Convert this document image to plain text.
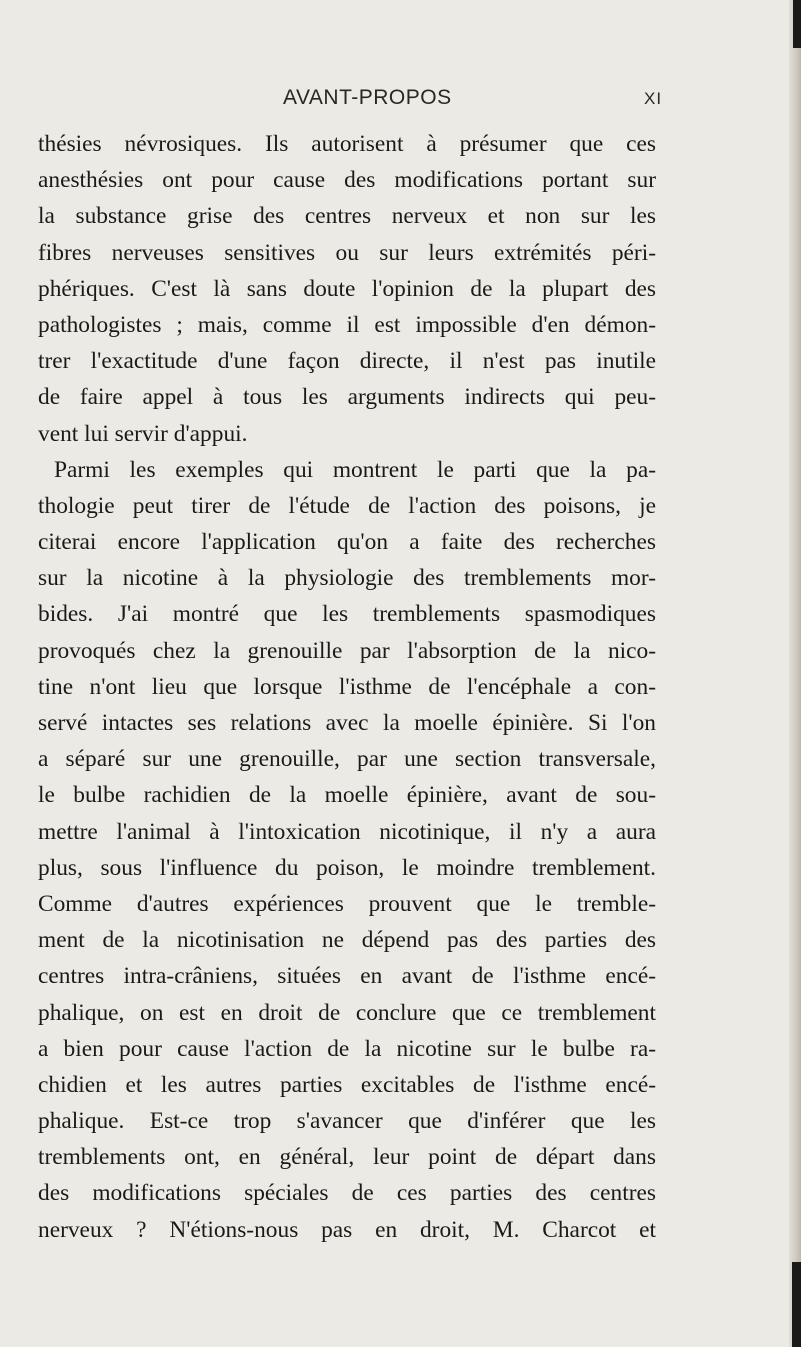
AVANT-PROPOS	XI
thésies névrosiques. Ils autorisent à présumer que ces
anesthésies ont pour cause des modifications portant sur
la substance grise des centres nerveux et non sur les
fibres nerveuses sensitives ou sur leurs extrémités péri-
phériques. C'est là sans doute l'opinion de la plupart des
pathologistes ; mais, comme il est impossible d'en démon-
trer l'exactitude d'une façon directe, il n'est pas inutile
de faire appel à tous les arguments indirects qui peu-
vent lui servir d'appui.
Parmi les exemples qui montrent le parti que la pa-
thologie peut tirer de l'étude de l'action des poisons, je
citerai encore l'application qu'on a faite des recherches
sur la nicotine à la physiologie des tremblements mor-
bides. J'ai montré que les tremblements spasmodiques
provoqués chez la grenouille par l'absorption de la nico-
tine n'ont lieu que lorsque l'isthme de l'encéphale a con-
servé intactes ses relations avec la moelle épinière. Si l'on
a séparé sur une grenouille, par une section transversale,
le bulbe rachidien de la moelle épinière, avant de sou-
mettre l'animal à l'intoxication nicotinique, il n'y a aura
plus, sous l'influence du poison, le moindre tremblement.
Comme d'autres expériences prouvent que le tremble-
ment de la nicotinisation ne dépend pas des parties des
centres intra-crâniens, situées en avant de l'isthme encé-
phalique, on est en droit de conclure que ce tremblement
a bien pour cause l'action de la nicotine sur le bulbe ra-
chidien et les autres parties excitables de l'isthme encé-
phalique. Est-ce trop s'avancer que d'inférer que les
tremblements ont, en général, leur point de départ dans
des modifications spéciales de ces parties des centres
nerveux ? N'étions-nous pas en droit, M. Charcot et
